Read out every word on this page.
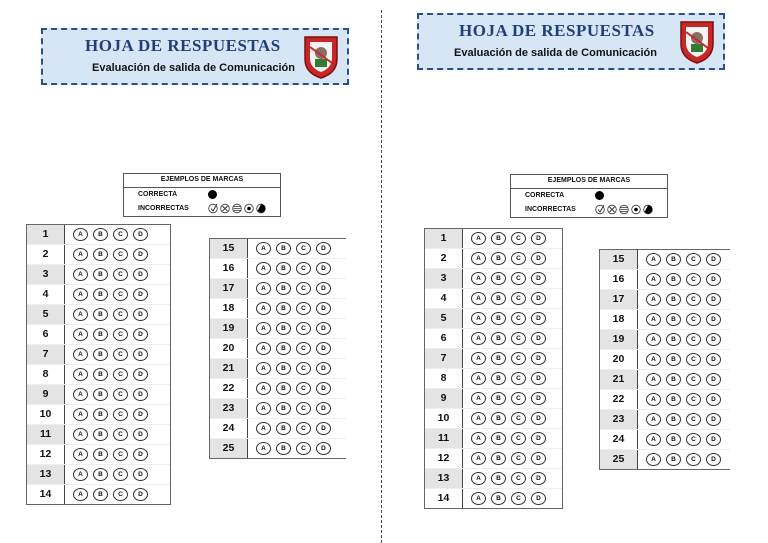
HOJA DE RESPUESTAS
Evaluación de salida de Comunicación
EJEMPLOS DE MARCAS
CORRECTA
INCORRECTAS
1	A	B	C	D
2	A	B	C	D
3	A	B	C	D
4	A	B	C	D
5	A	B	C	D
6	A	B	C	D
7	A	B	C	D
8	A	B	C	D
9	A	B	C	D
10	A	B	C	D
11	A	B	C	D
12	A	B	C	D
13	A	B	C	D
14	A	B	C	D
15	A	B	C	D
16	A	B	C	D
17	A	B	C	D
18	A	B	C	D
19	A	B	C	D
20	A	B	C	D
21	A	B	C	D
22	A	B	C	D
23	A	B	C	D
24	A	B	C	D
25	A	B	C	D
HOJA DE RESPUESTAS
Evaluación de salida de Comunicación
EJEMPLOS DE MARCAS
CORRECTA
INCORRECTAS
1	A	B	C	D
2	A	B	C	D
3	A	B	C	D
4	A	B	C	D
5	A	B	C	D
6	A	B	C	D
7	A	B	C	D
8	A	B	C	D
9	A	B	C	D
10	A	B	C	D
11	A	B	C	D
12	A	B	C	D
13	A	B	C	D
14	A	B	C	D
15	A	B	C	D
16	A	B	C	D
17	A	B	C	D
18	A	B	C	D
19	A	B	C	D
20	A	B	C	D
21	A	B	C	D
22	A	B	C	D
23	A	B	C	D
24	A	B	C	D
25	A	B	C	D
